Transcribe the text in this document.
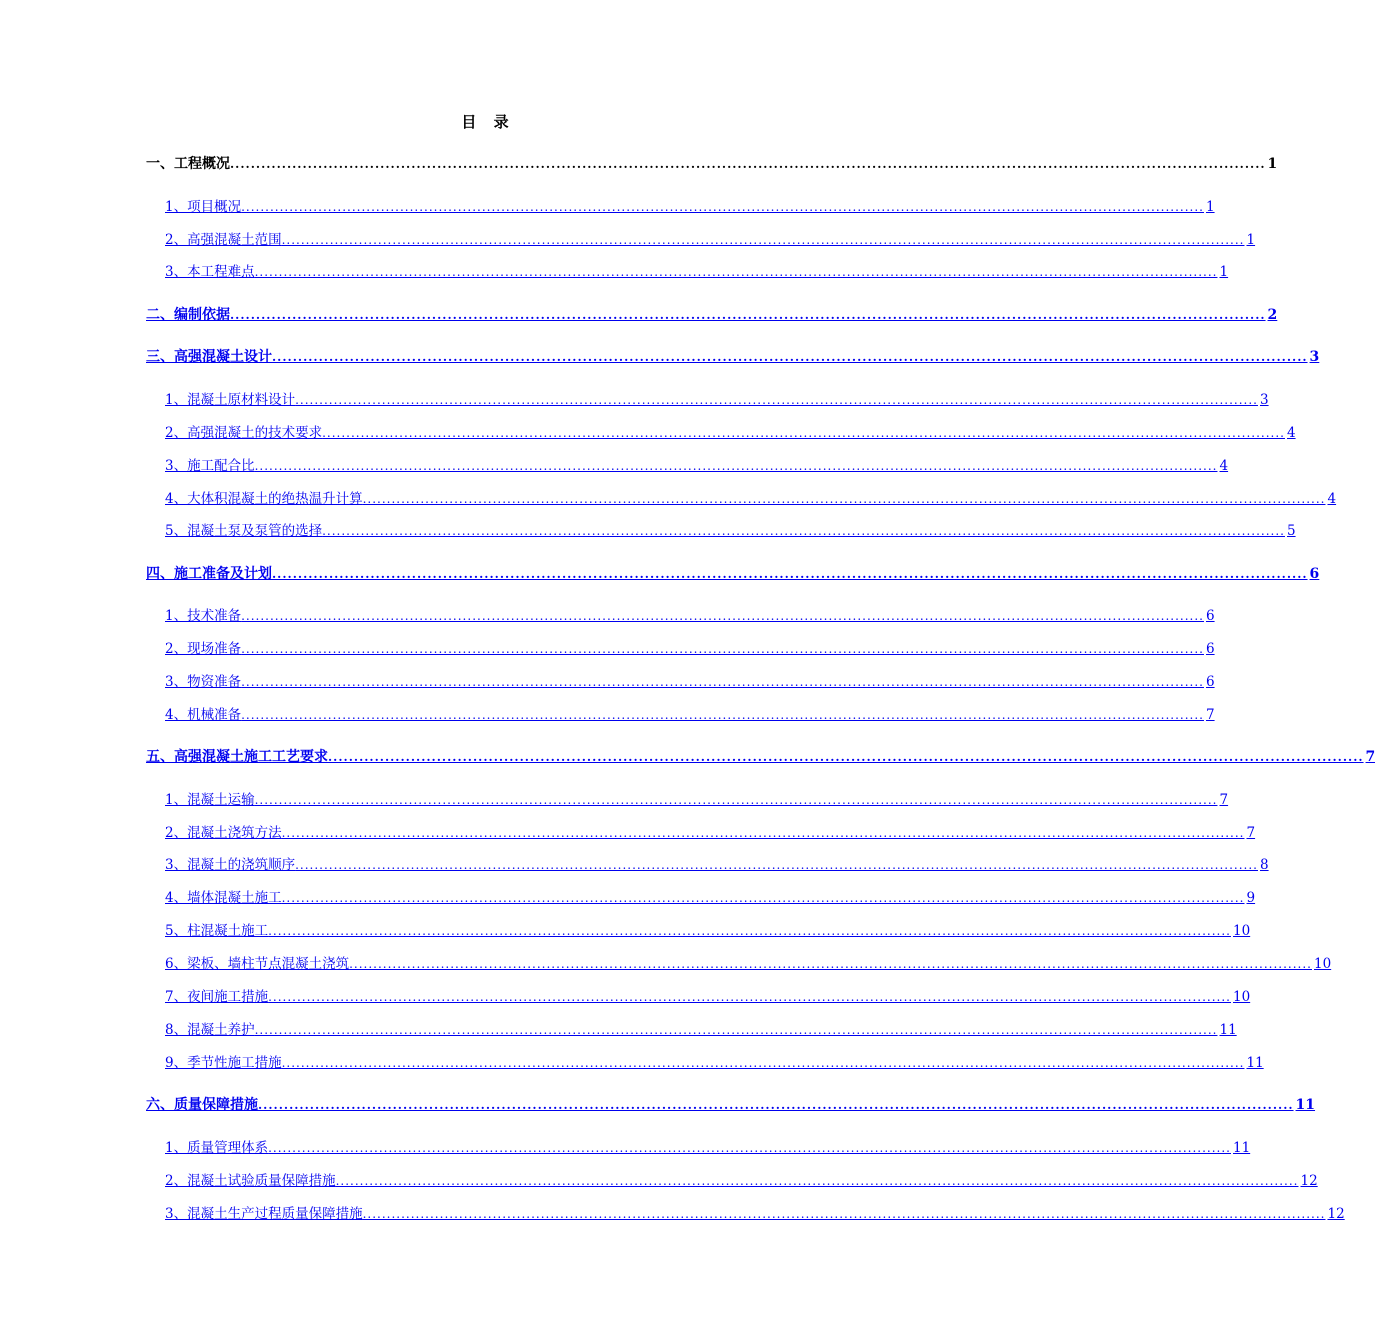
目 录
一、工程概况 ........................................................................................................................................................................................................ 1
1、项目概况 ........................................................................................................................................................................................................ 1
2、高强混凝土范围 ........................................................................................................................................................................................................ 1
3、本工程难点 ........................................................................................................................................................................................................ 1
二、编制依据 ........................................................................................................................................................................................................ 2
三、高强混凝土设计 ........................................................................................................................................................................................................ 3
1、混凝土原材料设计 ........................................................................................................................................................................................................ 3
2、高强混凝土的技术要求 ........................................................................................................................................................................................................ 4
3、施工配合比 ........................................................................................................................................................................................................ 4
4、大体积混凝土的绝热温升计算 ........................................................................................................................................................................................................ 4
5、混凝土泵及泵管的选择 ........................................................................................................................................................................................................ 5
四、施工准备及计划 ........................................................................................................................................................................................................ 6
1、技术准备 ........................................................................................................................................................................................................ 6
2、现场准备 ........................................................................................................................................................................................................ 6
3、物资准备 ........................................................................................................................................................................................................ 6
4、机械准备 ........................................................................................................................................................................................................ 7
五、高强混凝土施工工艺要求 ........................................................................................................................................................................................................ 7
1、混凝土运输 ........................................................................................................................................................................................................ 7
2、混凝土浇筑方法 ........................................................................................................................................................................................................ 7
3、混凝土的浇筑顺序 ........................................................................................................................................................................................................ 8
4、墙体混凝土施工 ........................................................................................................................................................................................................ 9
5、柱混凝土施工 ........................................................................................................................................................................................................ 10
6、梁板、墙柱节点混凝土浇筑 ........................................................................................................................................................................................................ 10
7、夜间施工措施 ........................................................................................................................................................................................................ 10
8、混凝土养护 ........................................................................................................................................................................................................ 11
9、季节性施工措施 ........................................................................................................................................................................................................ 11
六、质量保障措施 ........................................................................................................................................................................................................ 11
1、质量管理体系 ........................................................................................................................................................................................................ 11
2、混凝土试验质量保障措施 ........................................................................................................................................................................................................ 12
3、混凝土生产过程质量保障措施 ........................................................................................................................................................................................................ 12
